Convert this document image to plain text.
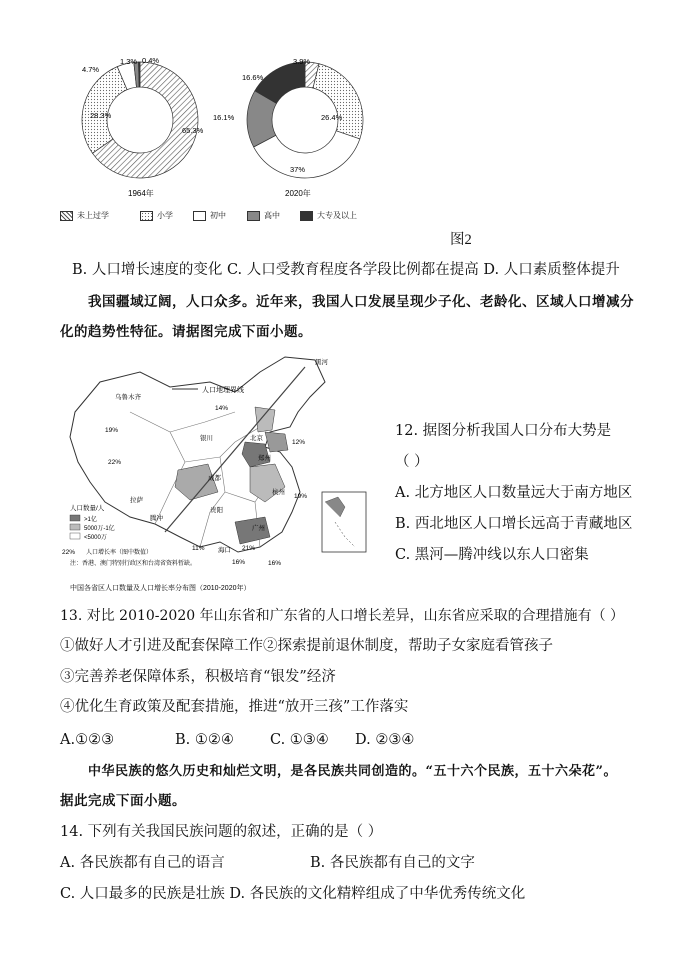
65.3%
28.3%
4.7%
1.3% 0.4%
1964年
3.9%
26.4%
37%
16.1%
16.6%
2020年
未上过学	小学	初中	高中	大专及以上
图2
B. 人口增长速度的变化 C. 人口受教育程度各学段比例都在提高 D. 人口素质整体提升
我国疆域辽阔，人口众多。近年来，我国人口发展呈现少子化、老龄化、区域人口增减分
化的趋势性特征。请据图完成下面小题。
人口地理界线
乌鲁木齐
银川	北京
郑州
成都
拉萨
贵阳
杭州
广州
海口
黑河
腾冲
14%
19%
22%
12%
19%
21%
11%
16%
人口数量/人
>1亿
5000万-1亿
<5000万
22% 人口增长率（图中数值）
注：香港、澳门特别行政区和台湾省资料暂缺。	16%
中国各省区人口数量及人口增长率分布图（2010-2020年）
12. 据图分析我国人口分布大势是
（ ）
A. 北方地区人口数量远大于南方地区
B. 西北地区人口增长远高于青藏地区
C. 黑河—腾冲线以东人口密集
13. 对比 2010-2020 年山东省和广东省的人口增长差异，山东省应采取的合理措施有（ ）
①做好人才引进及配套保障工作②探索提前退休制度，帮助子女家庭看管孩子
③完善养老保障体系，积极培育“银发”经济
④优化生育政策及配套措施，推进“放开三孩”工作落实
A.①②③	B. ①②④ C. ①③④ D. ②③④
中华民族的悠久历史和灿烂文明，是各民族共同创造的。“五十六个民族，五十六朵花”。
据此完成下面小题。
14. 下列有关我国民族问题的叙述，正确的是（ ）
A. 各民族都有自己的语言	B. 各民族都有自己的文字
C. 人口最多的民族是壮族 D. 各民族的文化精粹组成了中华优秀传统文化
